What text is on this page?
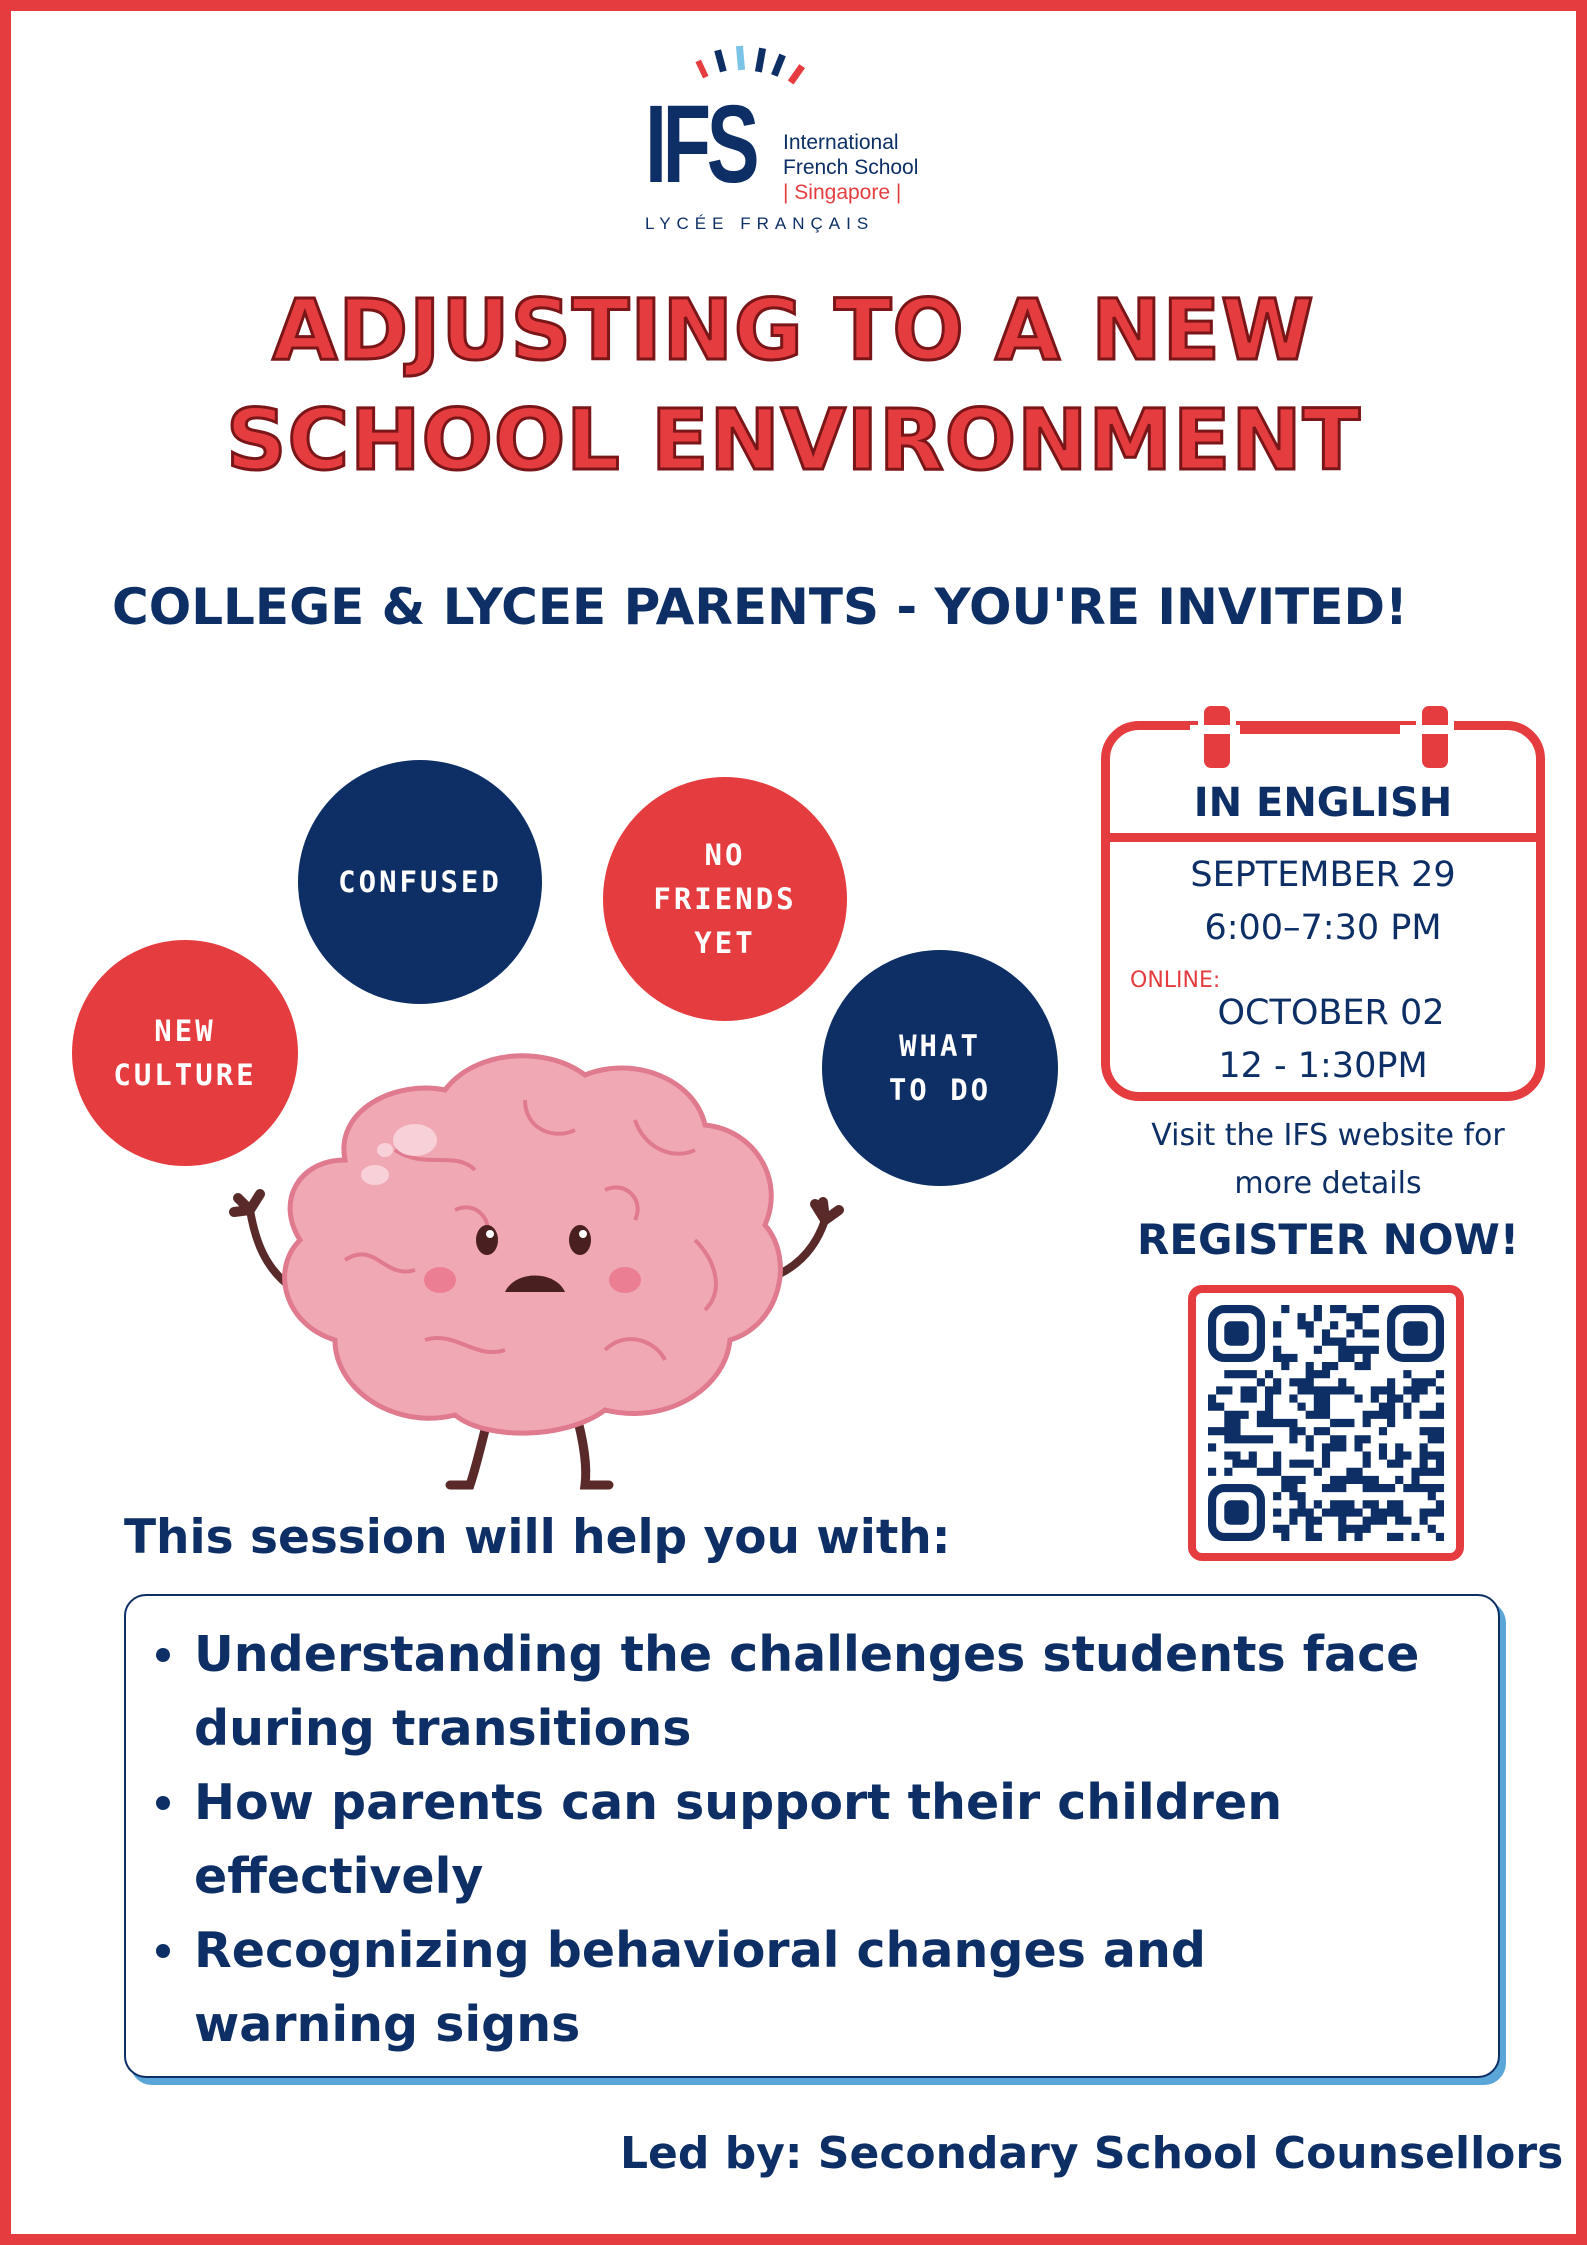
IFS International
French School
| Singapore |
LYCÉE FRANÇAIS
ADJUSTING TO A NEW
SCHOOL ENVIRONMENT
COLLEGE & LYCEE PARENTS - YOU'RE INVITED!
NEW CULTURE
CONFUSED
NO FRIENDS YET
WHAT TO DO
IN ENGLISH
SEPTEMBER 29
6:00–7:30 PM
ONLINE:
OCTOBER 02
12 - 1:30PM
Visit the IFS website for
more details
REGISTER NOW!
This session will help you with:
Understanding the challenges students face during transitions
How parents can support their children effectively
Recognizing behavioral changes and warning signs
Led by: Secondary School Counsellors
